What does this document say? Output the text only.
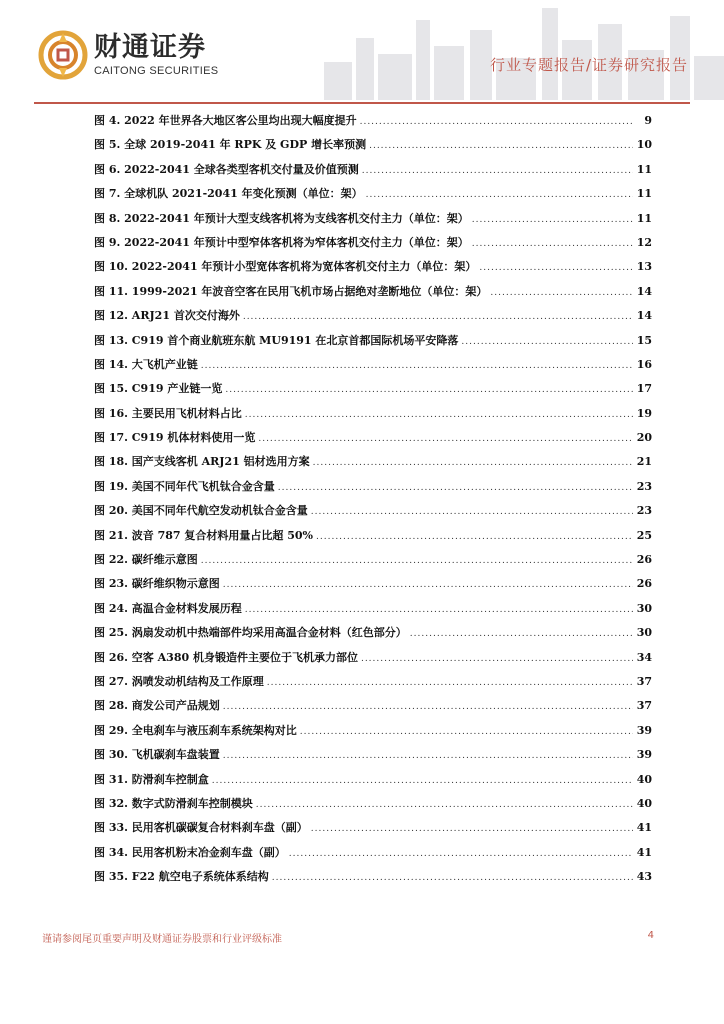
财通证券
CAITONG SECURITIES	行业专题报告/证券研究报告
图 4. 2022 年世界各大地区客公里均出现大幅度提升 .....	9
图 5. 全球 2019-2041 年 RPK 及 GDP 增长率预测 .....	10
图 6. 2022-2041 全球各类型客机交付量及价值预测 .....	11
图 7. 全球机队 2021-2041 年变化预测（单位：架） .....	11
图 8. 2022-2041 年预计大型支线客机将为支线客机交付主力（单位：架） .....	11
图 9. 2022-2041 年预计中型窄体客机将为窄体客机交付主力（单位：架） .....	12
图 10. 2022-2041 年预计小型宽体客机将为宽体客机交付主力（单位：架） .....	13
图 11. 1999-2021 年波音空客在民用飞机市场占据绝对垄断地位（单位：架） .....	14
图 12. ARJ21 首次交付海外 .....	14
图 13. C919 首个商业航班东航 MU9191 在北京首都国际机场平安降落 .....	15
图 14. 大飞机产业链 .....	16
图 15. C919 产业链一览 .....	17
图 16. 主要民用飞机材料占比 .....	19
图 17. C919 机体材料使用一览 .....	20
图 18. 国产支线客机 ARJ21 铝材选用方案 .....	21
图 19. 美国不同年代飞机钛合金含量 .....	23
图 20. 美国不同年代航空发动机钛合金含量 .....	23
图 21. 波音 787 复合材料用量占比超 50% .....	25
图 22. 碳纤维示意图 .....	26
图 23. 碳纤维织物示意图 .....	26
图 24. 高温合金材料发展历程 .....	30
图 25. 涡扇发动机中热端部件均采用高温合金材料（红色部分） .....	30
图 26. 空客 A380 机身锻造件主要位于飞机承力部位 .....	34
图 27. 涡喷发动机结构及工作原理 .....	37
图 28. 商发公司产品规划 .....	37
图 29. 全电刹车与液压刹车系统架构对比 .....	39
图 30. 飞机碳刹车盘装置 .....	39
图 31. 防滑刹车控制盒 .....	40
图 32. 数字式防滑刹车控制模块 .....	40
图 33. 民用客机碳碳复合材料刹车盘（副） .....	41
图 34. 民用客机粉末冶金刹车盘（副） .....	41
图 35. F22 航空电子系统体系结构 .....	43
谨请参阅尾页重要声明及财通证券股票和行业评级标准	4
